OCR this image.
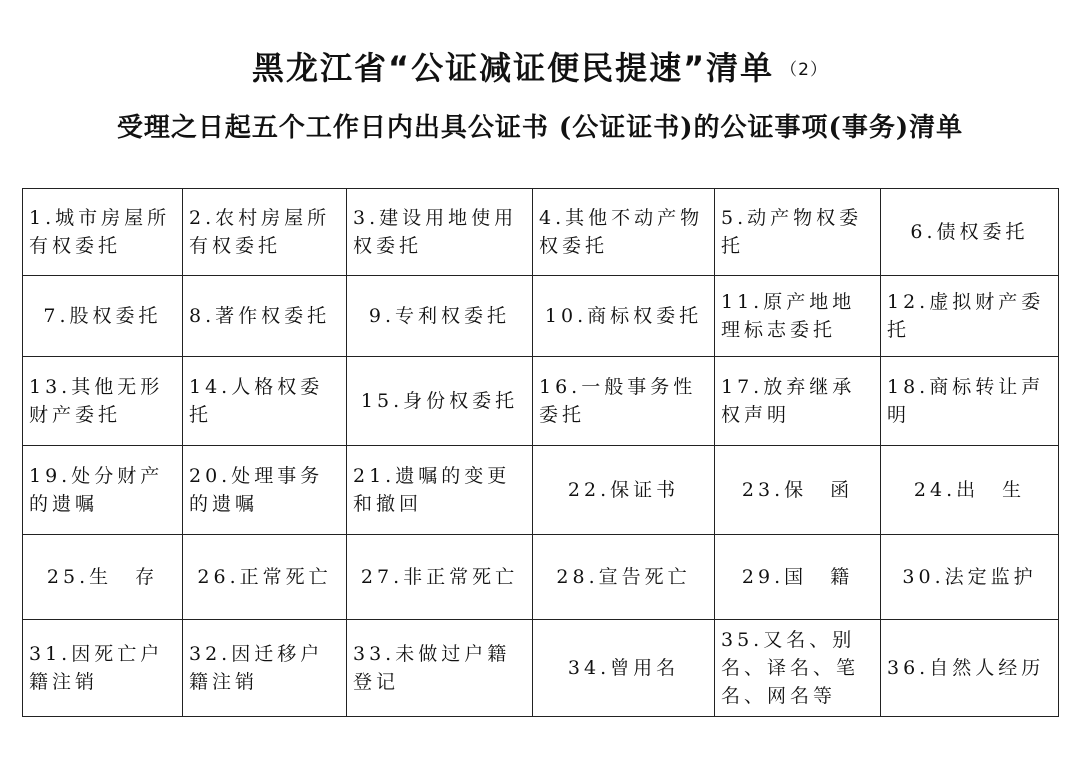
黑龙江省“公证减证便民提速”清单 （2）
受理之日起五个工作日内出具公证书 (公证证书)的公证事项(事务)清单
1.城市房屋所有权委托	2.农村房屋所有权委托	3.建设用地使用权委托	4.其他不动产物权委托	5.动产物权委托	6.债权委托
7.股权委托	8.著作权委托	9.专利权委托	10.商标权委托	11.原产地地理标志委托	12.虚拟财产委托
13.其他无形财产委托	14.人格权委托	15.身份权委托	16.一般事务性委托	17.放弃继承权声明	18.商标转让声明
19.处分财产的遗嘱	20.处理事务的遗嘱	21.遗嘱的变更和撤回	22.保证书	23.保　函	24.出　生
25.生　存	26.正常死亡	27.非正常死亡	28.宣告死亡	29.国　籍	30.法定监护
31.因死亡户籍注销	32.因迁移户籍注销	33.未做过户籍登记	34.曾用名	35.又名、别名、译名、笔名、网名等	36.自然人经历
